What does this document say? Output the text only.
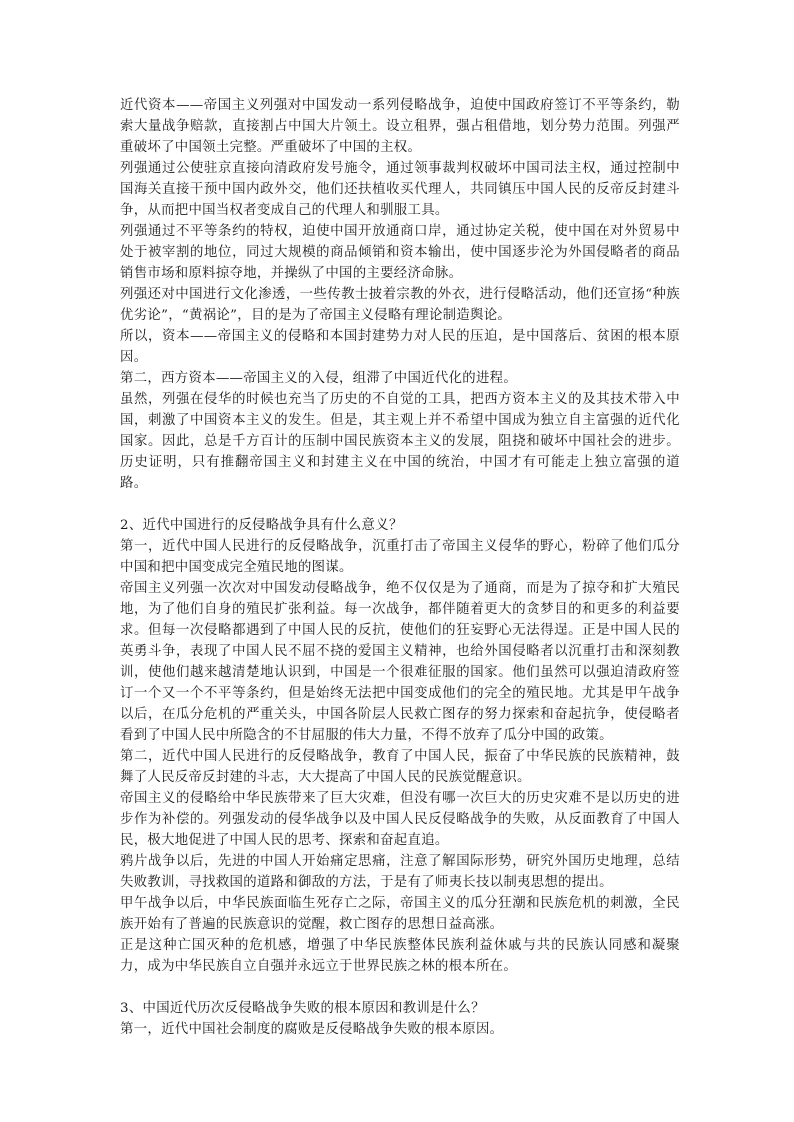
近代资本——帝国主义列强对中国发动一系列侵略战争，迫使中国政府签订不平等条约，勒索大量战争赔款，直接割占中国大片领土。设立租界，强占租借地，划分势力范围。列强严重破坏了中国领土完整。严重破坏了中国的主权。

列强通过公使驻京直接向清政府发号施令，通过领事裁判权破坏中国司法主权，通过控制中国海关直接干预中国内政外交，他们还扶植收买代理人，共同镇压中国人民的反帝反封建斗争，从而把中国当权者变成自己的代理人和驯服工具。

列强通过不平等条约的特权，迫使中国开放通商口岸，通过协定关税，使中国在对外贸易中处于被宰割的地位，同过大规模的商品倾销和资本输出，使中国逐步沦为外国侵略者的商品销售市场和原料掠夺地，并操纵了中国的主要经济命脉。

列强还对中国进行文化渗透，一些传教士披着宗教的外衣，进行侵略活动，他们还宣扬“种族优劣论”，“黄祸论”，目的是为了帝国主义侵略有理论制造舆论。

所以，资本——帝国主义的侵略和本国封建势力对人民的压迫，是中国落后、贫困的根本原因。

第二，西方资本——帝国主义的入侵，组滞了中国近代化的进程。

虽然，列强在侵华的时候也充当了历史的不自觉的工具，把西方资本主义的及其技术带入中国，刺激了中国资本主义的发生。但是，其主观上并不希望中国成为独立自主富强的近代化国家。因此，总是千方百计的压制中国民族资本主义的发展，阻挠和破坏中国社会的进步。历史证明，只有推翻帝国主义和封建主义在中国的统治，中国才有可能走上独立富强的道路。

2、近代中国进行的反侵略战争具有什么意义？

第一，近代中国人民进行的反侵略战争，沉重打击了帝国主义侵华的野心，粉碎了他们瓜分中国和把中国变成完全殖民地的图谋。

帝国主义列强一次次对中国发动侵略战争，绝不仅仅是为了通商，而是为了掠夺和扩大殖民地，为了他们自身的殖民扩张利益。每一次战争，都伴随着更大的贪梦目的和更多的利益要求。但每一次侵略都遇到了中国人民的反抗，使他们的狂妄野心无法得逞。正是中国人民的英勇斗争，表现了中国人民不屈不挠的爱国主义精神，也给外国侵略者以沉重打击和深刻教训，使他们越来越清楚地认识到，中国是一个很难征服的国家。他们虽然可以强迫清政府签订一个又一个不平等条约，但是始终无法把中国变成他们的完全的殖民地。尤其是甲午战争以后，在瓜分危机的严重关头，中国各阶层人民救亡图存的努力探索和奋起抗争，使侵略者看到了中国人民中所隐含的不甘屈服的伟大力量，不得不放弃了瓜分中国的政策。

第二，近代中国人民进行的反侵略战争，教育了中国人民，振奋了中华民族的民族精神，鼓舞了人民反帝反封建的斗志，大大提高了中国人民的民族觉醒意识。

帝国主义的侵略给中华民族带来了巨大灾难，但没有哪一次巨大的历史灾难不是以历史的进步作为补偿的。列强发动的侵华战争以及中国人民反侵略战争的失败，从反面教育了中国人民，极大地促进了中国人民的思考、探索和奋起直追。

鸦片战争以后，先进的中国人开始痛定思痛，注意了解国际形势，研究外国历史地理，总结失败教训，寻找救国的道路和御敌的方法，于是有了师夷长技以制夷思想的提出。

甲午战争以后，中华民族面临生死存亡之际，帝国主义的瓜分狂潮和民族危机的刺激，全民族开始有了普遍的民族意识的觉醒，救亡图存的思想日益高涨。

正是这种亡国灭种的危机感，增强了中华民族整体民族利益休戚与共的民族认同感和凝聚力，成为中华民族自立自强并永远立于世界民族之林的根本所在。

3、中国近代历次反侵略战争失败的根本原因和教训是什么？

第一，近代中国社会制度的腐败是反侵略战争失败的根本原因。
